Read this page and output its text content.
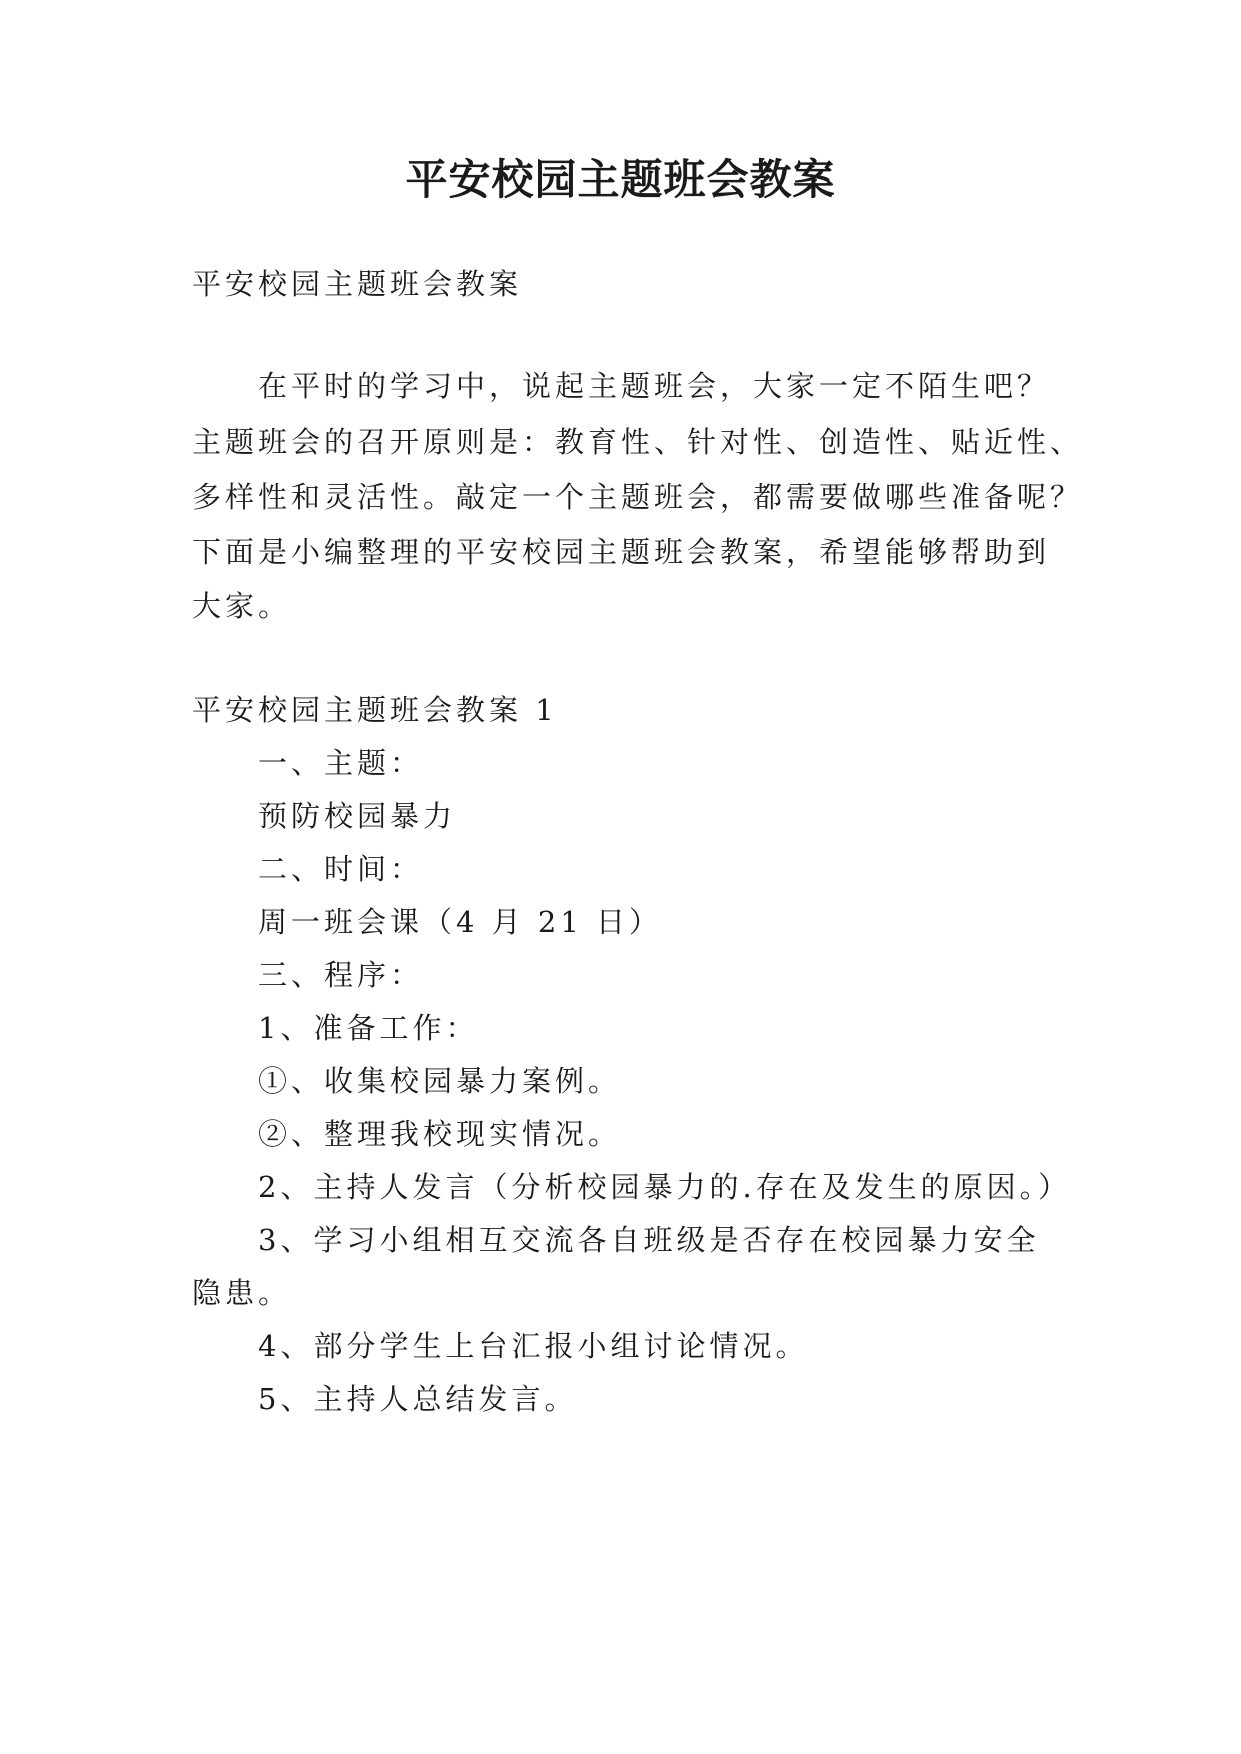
平安校园主题班会教案

平安校园主题班会教案

在平时的学习中，说起主题班会，大家一定不陌生吧？

主题班会的召开原则是：教育性、针对性、创造性、贴近性、

多样性和灵活性。敲定一个主题班会，都需要做哪些准备呢？

下面是小编整理的平安校园主题班会教案，希望能够帮助到

大家。

平安校园主题班会教案 1

一、主题：

预防校园暴力

二、时间：

周一班会课（4 月 21 日）

三、程序：

1、准备工作：

①、收集校园暴力案例。

②、整理我校现实情况。

2、主持人发言（分析校园暴力的.存在及发生的原因。）

3、学习小组相互交流各自班级是否存在校园暴力安全

隐患。

4、部分学生上台汇报小组讨论情况。

5、主持人总结发言。
